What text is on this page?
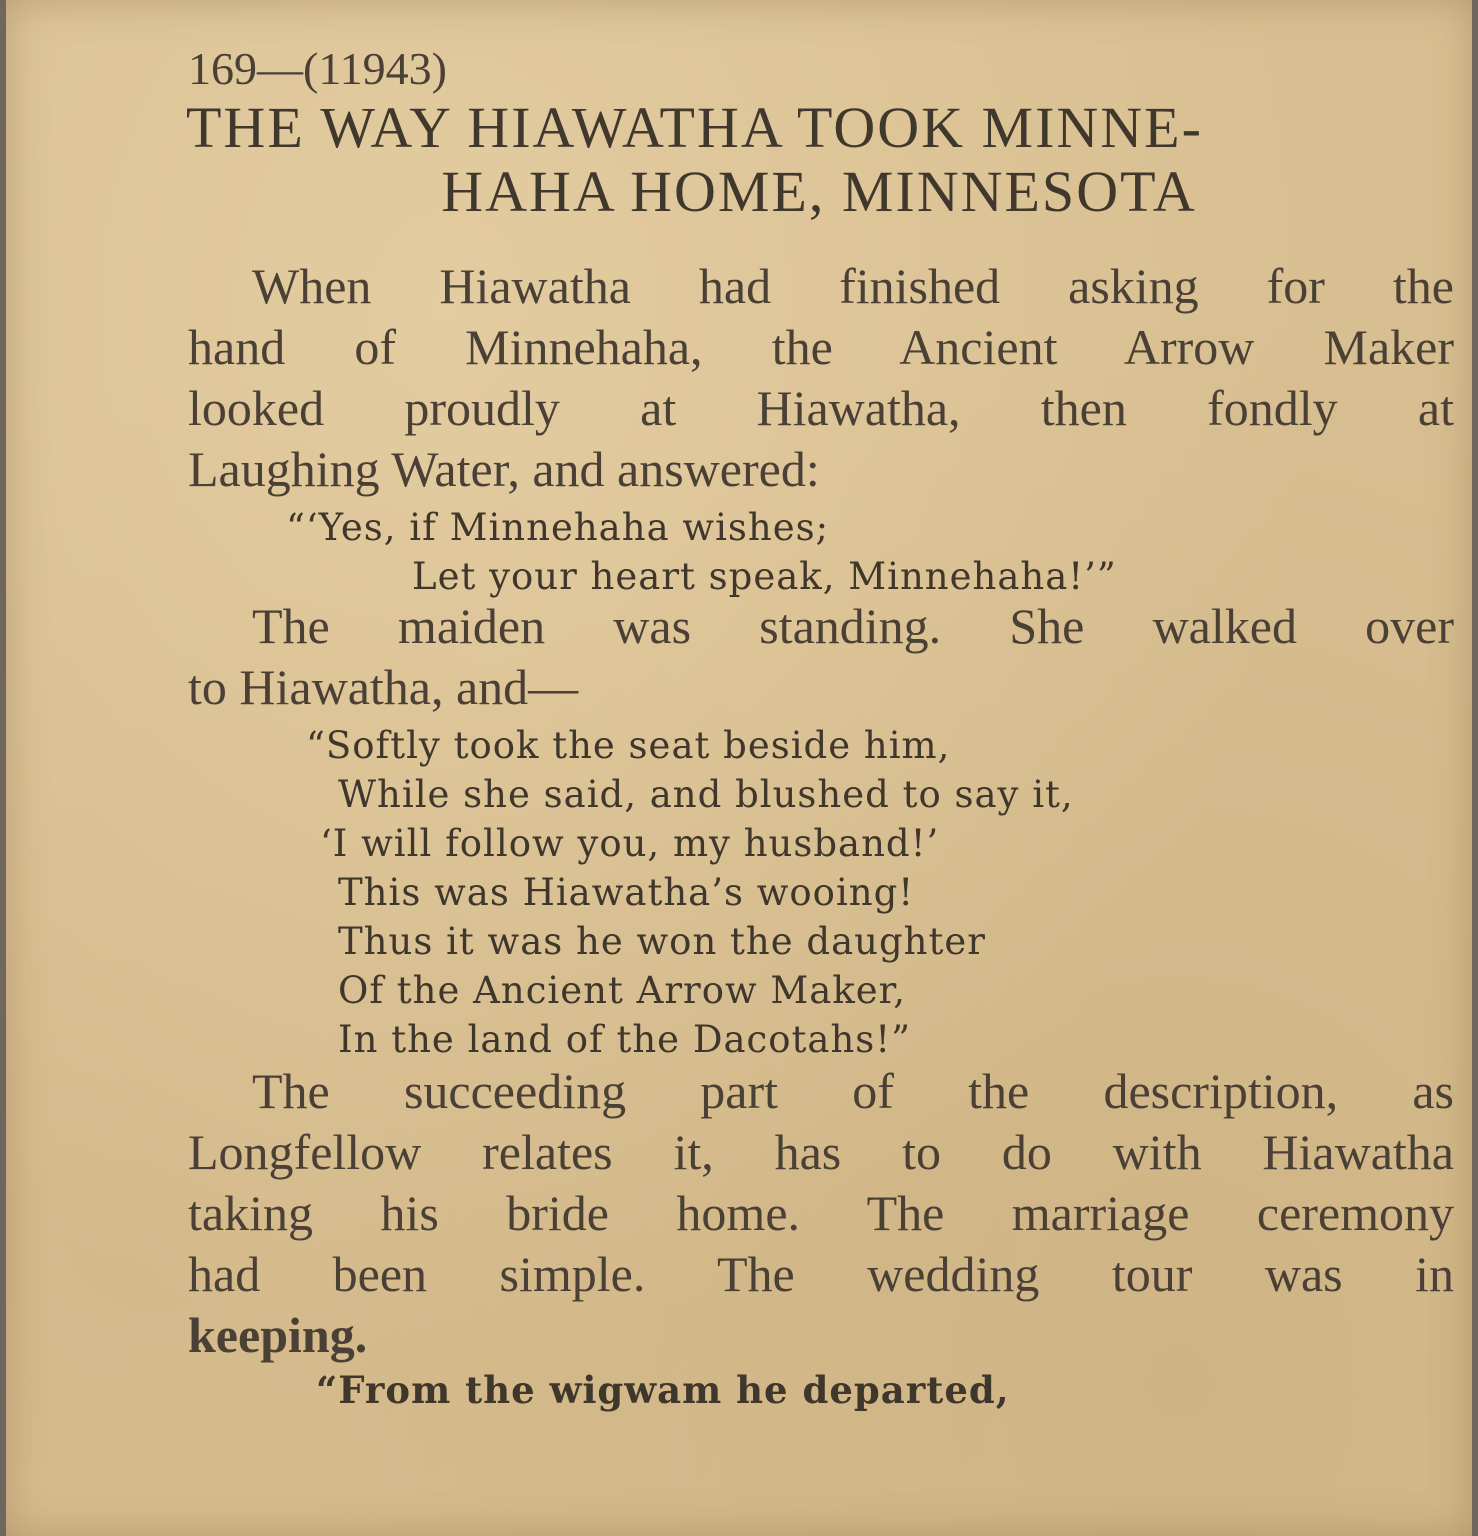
169—(11943)
THE WAY HIAWATHA TOOK MINNE-
HAHA HOME, MINNESOTA
When Hiawatha had finished asking for the
hand of Minnehaha, the Ancient Arrow Maker
looked proudly at Hiawatha, then fondly at
Laughing Water, and answered:
“‘Yes, if Minnehaha wishes;
Let your heart speak, Minnehaha!’”
The maiden was standing. She walked over
to Hiawatha, and—
“Softly took the seat beside him,
While she said, and blushed to say it,
‘I will follow you, my husband!’
This was Hiawatha’s wooing!
Thus it was he won the daughter
Of the Ancient Arrow Maker,
In the land of the Dacotahs!”
The succeeding part of the description, as
Longfellow relates it, has to do with Hiawatha
taking his bride home. The marriage ceremony
had been simple. The wedding tour was in
keeping.
“From the wigwam he departed,
